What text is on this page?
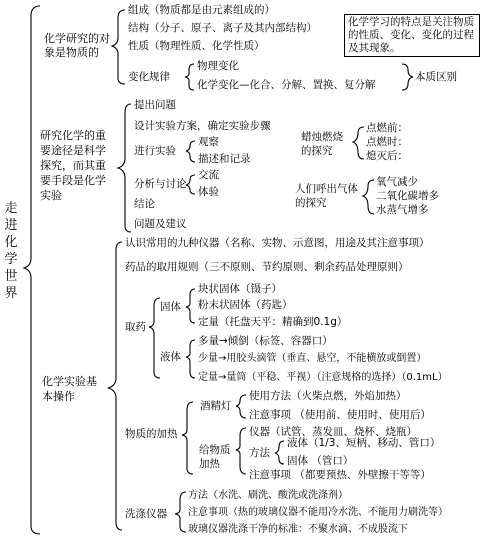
走进化学世界
化学研究的对象是物质的
组成（物质都是由元素组成的）
结构（分子、原子、离子及其内部结构）
性质（物理性质、化学性质）
变化规律
物理变化
化学变化—化合、分解、置换、复分解
本质区别
化学学习的特点是关注物质的性质、变化、变化的过程及其现象。
研究化学的重要途径是科学探究，而其重要手段是化学实验
提出问题
设计实验方案，确定实验步骤
进行实验
观察
描述和记录
分析与讨论
交流
体验
结论
问题及建议
蜡烛燃烧的探究
点燃前：
点燃时：
熄灭后：
人们呼出气体的探究
氧气减少
二氧化碳增多
水蒸气增多
化学实验基本操作
认识常用的九种仪器（名称、实物、示意图，用途及其注意事项）
药品的取用规则（三不原则、节约原则、剩余药品处理原则）
取药
固体
块状固体（镊子）
粉末状固体（药匙）
定量（托盘天平：精确到0.1g）
液体
多量→倾倒（标签、容器口）
少量→用胶头滴管（垂直、悬空，不能横放或倒置）
定量→量筒（平稳、平视）（注意规格的选择）（0.1mL）
物质的加热
酒精灯
使用方法（火柴点燃，外焰加热）
注意事项 （使用前、使用时、使用后）
给物质加热
仪器（试管、蒸发皿、烧杯、烧瓶）
方法
液体（1/3、短柄、移动、管口）
固体 （管口）
注意事项 （都要预热、外壁擦干等等）
洗涤仪器
方法（水洗、刷洗、酸洗或洗涤剂）
注意事项（热的玻璃仪器不能用冷水洗、不能用力刷洗等）
玻璃仪器洗涤干净的标准：不聚水滴、不成股流下
